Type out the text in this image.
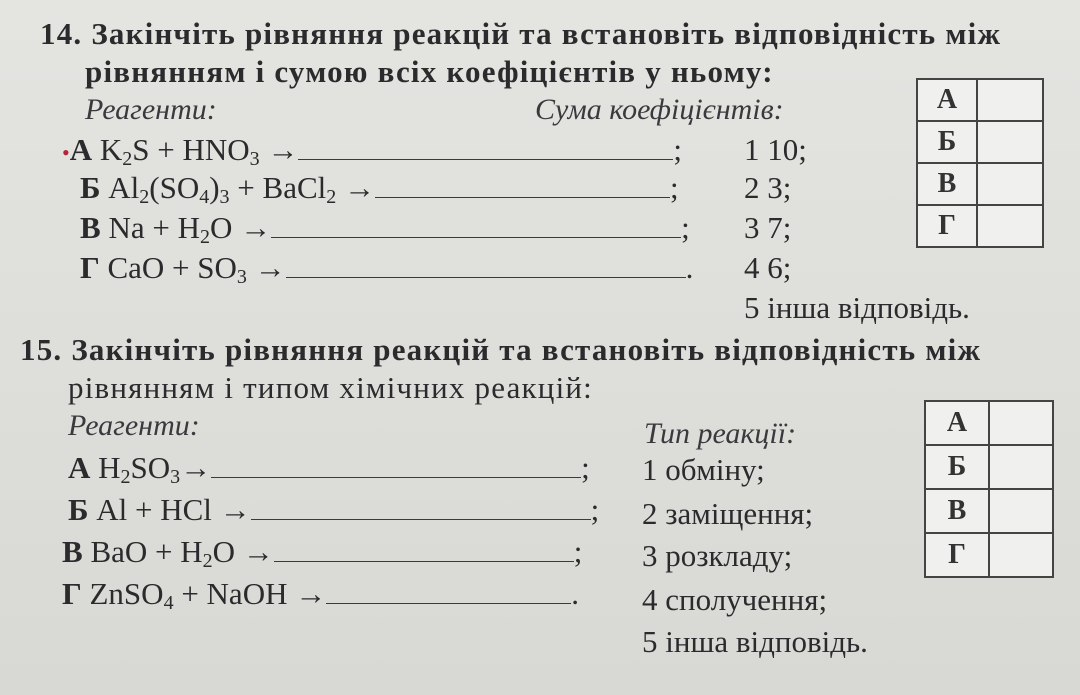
14. Закінчіть рівняння реакцій та встановіть відповідність між
рівнянням і сумою всіх коефіцієнтів у ньому:
Реагенти:	Сума коефіцієнтів:
•А $K_2S + HNO_3$ →	; 1 10;
Б $Al_2(SO_4)_3$ + BaCl$_2$ →	; 2 3;
В $Na + H_2O$ →	; 3 7;
Г CaO + $SO_3$ →	. 4 6;
5 інша відповідь.
А	
Б	
В	
Г	
15. Закінчіть рівняння реакцій та встановіть відповідність між
рівнянням і типом хімічних реакцій:
Реагенти:	Тип реакції:
А $H_2SO_3\to$	; 1 обміну;
Б Al + HCl →	; 2 заміщення;
В BaO + $H_2O$ →	; 3 розкладу;
Г ZnSO$_4$ + NaOH →	. 4 сполучення;
5 інша відповідь.
А	
Б	
В	
Г	
